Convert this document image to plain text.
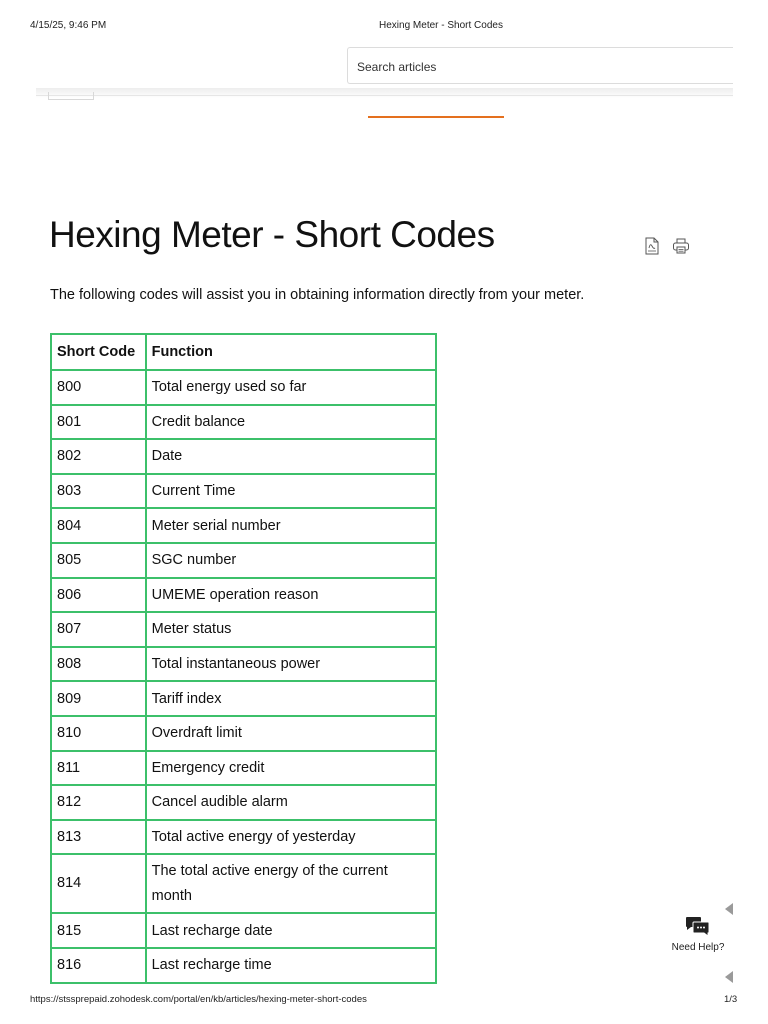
4/15/25, 9:46 PM	Hexing Meter - Short Codes
Search articles
Hexing Meter - Short Codes

The following codes will assist you in obtaining information directly from your meter.

Short Code	Function
800	Total energy used so far
801	Credit balance
802	Date
803	Current Time
804	Meter serial number
805	SGC number
806	UMEME operation reason
807	Meter status
808	Total instantaneous power
809	Tariff index
810	Overdraft limit
811	Emergency credit
812	Cancel audible alarm
813	Total active energy of yesterday
814	The total active energy of the current month
815	Last recharge date
816	Last recharge time
Need Help?
https://stssprepaid.zohodesk.com/portal/en/kb/articles/hexing-meter-short-codes	1/3
